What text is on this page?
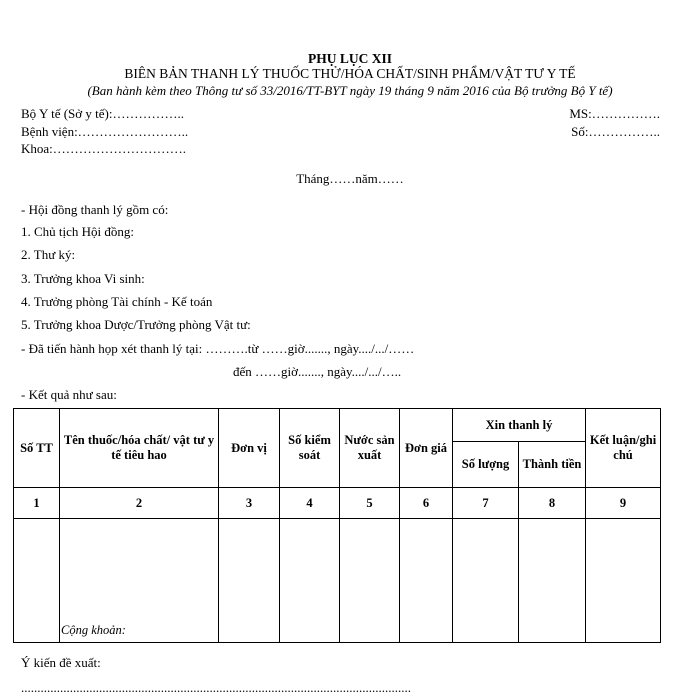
PHỤ LỤC XII
BIÊN BẢN THANH LÝ THUỐC THỬ/HÓA CHẤT/SINH PHẨM/VẬT TƯ Y TẾ
(Ban hành kèm theo Thông tư số 33/2016/TT-BYT ngày 19 tháng 9 năm 2016 của Bộ trưởng Bộ Y tế)
Bộ Y tế (Sở y tế):……………..
Bệnh viện:……………………..
Khoa:………………………….
MS:…………….
Số:……………..
Tháng……năm……
- Hội đồng thanh lý gồm có:
1. Chủ tịch Hội đồng:
2. Thư ký:
3. Trưởng khoa Vi sinh:
4. Trưởng phòng Tài chính - Kế toán
5. Trưởng khoa Dược/Trưởng phòng Vật tư:
- Đã tiến hành họp xét thanh lý tại: ……….từ ……giờ......., ngày..../.../……
đến ……giờ......., ngày..../.../…..
- Kết quả như sau:
Số TT	Tên thuốc/hóa chất/ vật tư y tế tiêu hao	Đơn vị	Số kiểm soát	Nước sản xuất	Đơn giá	Xin thanh lý		Kết luận/ghi chú
						Số lượng	Thành tiền	
1	2	3	4	5	6	7	8	9
	Cộng khoản:							
Ý kiến đề xuất:
........................................................................................................................
